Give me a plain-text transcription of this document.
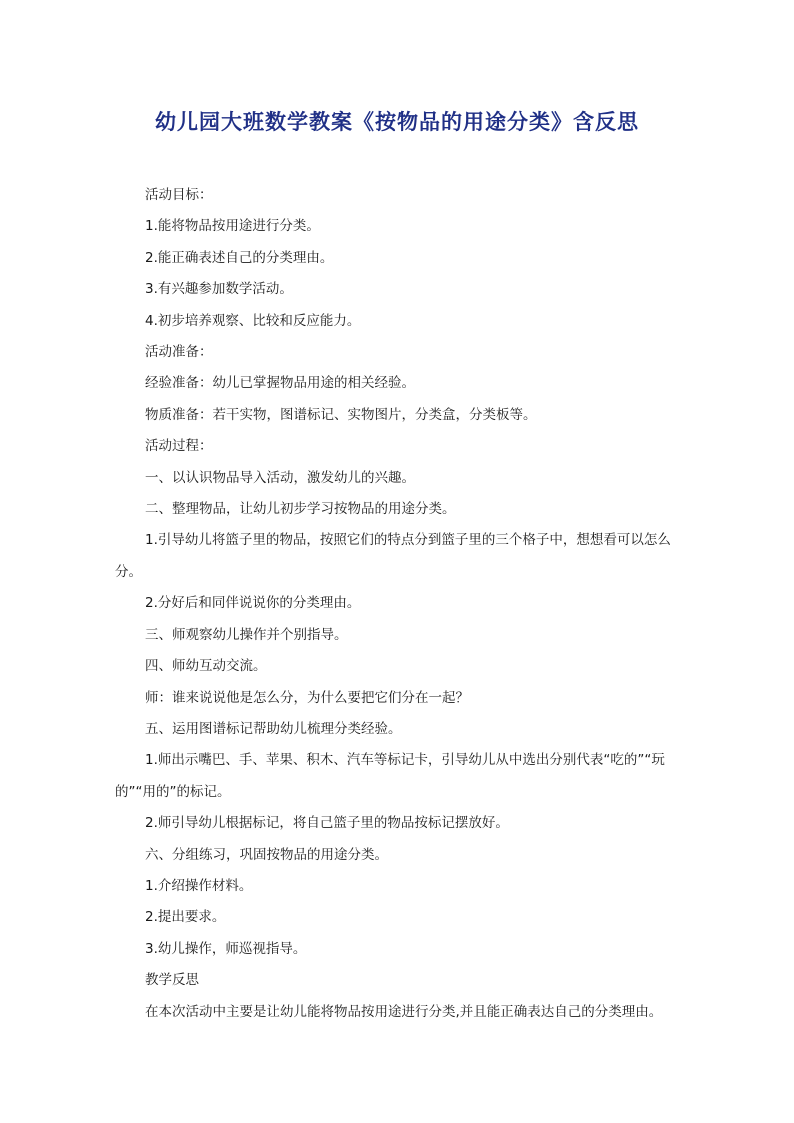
幼儿园大班数学教案《按物品的用途分类》含反思

活动目标：

1.能将物品按用途进行分类。

2.能正确表述自己的分类理由。

3.有兴趣参加数学活动。

4.初步培养观察、比较和反应能力。

活动准备：

经验准备：幼儿已掌握物品用途的相关经验。

物质准备：若干实物，图谱标记、实物图片，分类盒，分类板等。

活动过程：

一、以认识物品导入活动，激发幼儿的兴趣。

二、整理物品，让幼儿初步学习按物品的用途分类。

1.引导幼儿将篮子里的物品，按照它们的特点分到篮子里的三个格子中，想想看可以怎么分。

2.分好后和同伴说说你的分类理由。

三、师观察幼儿操作并个别指导。

四、师幼互动交流。

师：谁来说说他是怎么分，为什么要把它们分在一起？

五、运用图谱标记帮助幼儿梳理分类经验。

1.师出示嘴巴、手、苹果、积木、汽车等标记卡，引导幼儿从中选出分别代表“吃的”“玩的”“用的”的标记。

2.师引导幼儿根据标记，将自己篮子里的物品按标记摆放好。

六、分组练习，巩固按物品的用途分类。

1.介绍操作材料。

2.提出要求。

3.幼儿操作，师巡视指导。

教学反思

在本次活动中主要是让幼儿能将物品按用途进行分类,并且能正确表达自己的分类理由。
